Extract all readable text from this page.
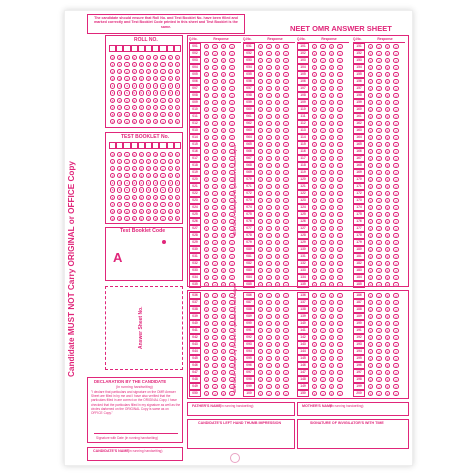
Candidate MUST NOT Carry ORIGINAL or OFFICE Copy
The candidate should ensure that Roll No. and Test Booklet No. have been filled and marked correctly and Test Booklet Code printed in this sheet and Test Booklet is the same.	NEET OMR ANSWER SHEET
ROLL NO.
0	0	0	0	0	0	0	0	0	0
1	1	1	1	1	1	1	1	1	1
2	2	2	2	2	2	2	2	2	2
3	3	3	3	3	3	3	3	3	3
4	4	4	4	4	4	4	4	4	4
5	5	5	5	5	5	5	5	5	5
6	6	6	6	6	6	6	6	6	6
7	7	7	7	7	7	7	7	7	7
8	8	8	8	8	8	8	8	8	8
9	9	9	9	9	9	9	9	9	9
TEST BOOKLET No.
0	0	0	0	0	0	0	0	0	0
1	1	1	1	1	1	1	1	1	1
2	2	2	2	2	2	2	2	2	2
3	3	3	3	3	3	3	3	3	3
4	4	4	4	4	4	4	4	4	4
5	5	5	5	5	5	5	5	5	5
6	6	6	6	6	6	6	6	6	6
7	7	7	7	7	7	7	7	7	7
8	8	8	8	8	8	8	8	8	8
9	9	9	9	9	9	9	9	9	9
Test Booklet Code
A
Answer Sheet No.
DECLARATION BY THE CANDIDATE
(In running handwriting)
"I declare that particulars and signature on the OMR Answer Sheet are filled in by me and I have also verified that the particulars filled in are correct on the ORIGINAL Copy. I have checked that the particulars filled in my signature as well as the circles darkened on the ORIGINAL Copy is same as on OFFICE Copy."
Signature with Date (in running handwriting)
CANDIDATE'S NAME (in running handwriting)
SECTION-A : Attempt all 35 questions in each subject
SECTION-B : Attempt any 10 out of 15 questions in each subject
Q.No.	Response
001	1	2	3	4
002	1	2	3	4
003	1	2	3	4
004	1	2	3	4
005	1	2	3	4
006	1	2	3	4
007	1	2	3	4
008	1	2	3	4
009	1	2	3	4
010	1	2	3	4
011	1	2	3	4
012	1	2	3	4
013	1	2	3	4
014	1	2	3	4
015	1	2	3	4
016	1	2	3	4
017	1	2	3	4
018	1	2	3	4
019	1	2	3	4
020	1	2	3	4
021	1	2	3	4
022	1	2	3	4
023	1	2	3	4
024	1	2	3	4
025	1	2	3	4
026	1	2	3	4
027	1	2	3	4
028	1	2	3	4
029	1	2	3	4
030	1	2	3	4
031	1	2	3	4
032	1	2	3	4
033	1	2	3	4
034	1	2	3	4
035	1	2	3	4
Q.No.	Response
051	1	2	3	4
052	1	2	3	4
053	1	2	3	4
054	1	2	3	4
055	1	2	3	4
056	1	2	3	4
057	1	2	3	4
058	1	2	3	4
059	1	2	3	4
060	1	2	3	4
061	1	2	3	4
062	1	2	3	4
063	1	2	3	4
064	1	2	3	4
065	1	2	3	4
066	1	2	3	4
067	1	2	3	4
068	1	2	3	4
069	1	2	3	4
070	1	2	3	4
071	1	2	3	4
072	1	2	3	4
073	1	2	3	4
074	1	2	3	4
075	1	2	3	4
076	1	2	3	4
077	1	2	3	4
078	1	2	3	4
079	1	2	3	4
080	1	2	3	4
081	1	2	3	4
082	1	2	3	4
083	1	2	3	4
084	1	2	3	4
085	1	2	3	4
Q.No.	Response
101	1	2	3	4
102	1	2	3	4
103	1	2	3	4
104	1	2	3	4
105	1	2	3	4
106	1	2	3	4
107	1	2	3	4
108	1	2	3	4
109	1	2	3	4
110	1	2	3	4
111	1	2	3	4
112	1	2	3	4
113	1	2	3	4
114	1	2	3	4
115	1	2	3	4
116	1	2	3	4
117	1	2	3	4
118	1	2	3	4
119	1	2	3	4
120	1	2	3	4
121	1	2	3	4
122	1	2	3	4
123	1	2	3	4
124	1	2	3	4
125	1	2	3	4
126	1	2	3	4
127	1	2	3	4
128	1	2	3	4
129	1	2	3	4
130	1	2	3	4
131	1	2	3	4
132	1	2	3	4
133	1	2	3	4
134	1	2	3	4
135	1	2	3	4
Q.No.	Response
151	1	2	3	4
152	1	2	3	4
153	1	2	3	4
154	1	2	3	4
155	1	2	3	4
156	1	2	3	4
157	1	2	3	4
158	1	2	3	4
159	1	2	3	4
160	1	2	3	4
161	1	2	3	4
162	1	2	3	4
163	1	2	3	4
164	1	2	3	4
165	1	2	3	4
166	1	2	3	4
167	1	2	3	4
168	1	2	3	4
169	1	2	3	4
170	1	2	3	4
171	1	2	3	4
172	1	2	3	4
173	1	2	3	4
174	1	2	3	4
175	1	2	3	4
176	1	2	3	4
177	1	2	3	4
178	1	2	3	4
179	1	2	3	4
180	1	2	3	4
181	1	2	3	4
182	1	2	3	4
183	1	2	3	4
184	1	2	3	4
185	1	2	3	4
036	1	2	3	4
037	1	2	3	4
038	1	2	3	4
039	1	2	3	4
040	1	2	3	4
041	1	2	3	4
042	1	2	3	4
043	1	2	3	4
044	1	2	3	4
045	1	2	3	4
046	1	2	3	4
047	1	2	3	4
048	1	2	3	4
049	1	2	3	4
050	1	2	3	4
086	1	2	3	4
087	1	2	3	4
088	1	2	3	4
089	1	2	3	4
090	1	2	3	4
091	1	2	3	4
092	1	2	3	4
093	1	2	3	4
094	1	2	3	4
095	1	2	3	4
096	1	2	3	4
097	1	2	3	4
098	1	2	3	4
099	1	2	3	4
100	1	2	3	4
136	1	2	3	4
137	1	2	3	4
138	1	2	3	4
139	1	2	3	4
140	1	2	3	4
141	1	2	3	4
142	1	2	3	4
143	1	2	3	4
144	1	2	3	4
145	1	2	3	4
146	1	2	3	4
147	1	2	3	4
148	1	2	3	4
149	1	2	3	4
150	1	2	3	4
186	1	2	3	4
187	1	2	3	4
188	1	2	3	4
189	1	2	3	4
190	1	2	3	4
191	1	2	3	4
192	1	2	3	4
193	1	2	3	4
194	1	2	3	4
195	1	2	3	4
196	1	2	3	4
197	1	2	3	4
198	1	2	3	4
199	1	2	3	4
200	1	2	3	4
FATHER'S NAME (In running handwriting)	MOTHER'S NAME
(In running handwriting)
CANDIDATE'S LEFT HAND THUMB IMPRESSION	SIGNATURE OF INVIGILATOR'S WITH TIME
